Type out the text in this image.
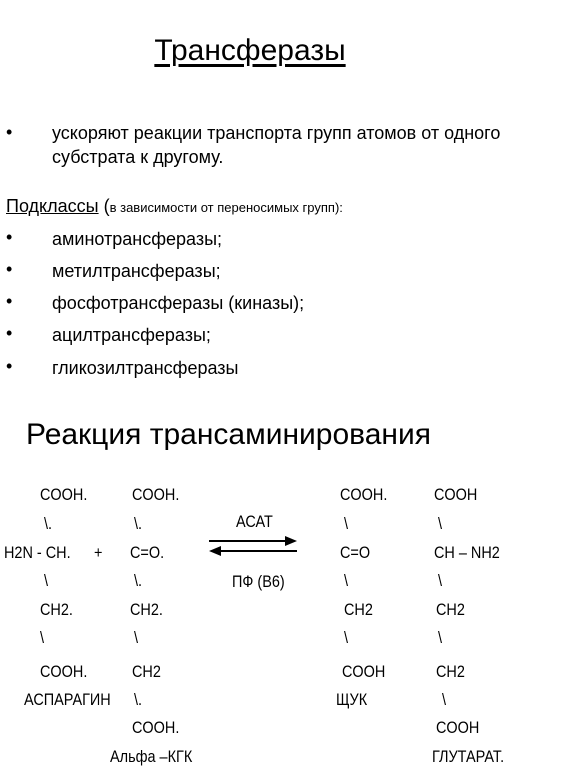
Трансферазы
• ускоряют реакции транспорта групп атомов от одного субстрата к другому.
Подклассы (в зависимости от переносимых групп):
• аминотрансферазы;
• метилтрансферазы;
• фосфотрансферазы (киназы);
• ацилтрансферазы;
• гликозилтрансферазы
Реакция трансаминирования
COOH.
\.
H2N - CH.
\
CH2.
\
COOH.
АСПАРАГИН
+
COOH.
\.
C=O.
\.
CH2.
\
CH2
\.
COOH.
Альфа –КГК
АСАТ
ПФ (В6)
COOH.
\
C=O
\
CH2
\
COOH
ЩУК
COOH
\
CH – NH2
\
CH2
\
CH2
\
COOH
ГЛУТАРАТ.
